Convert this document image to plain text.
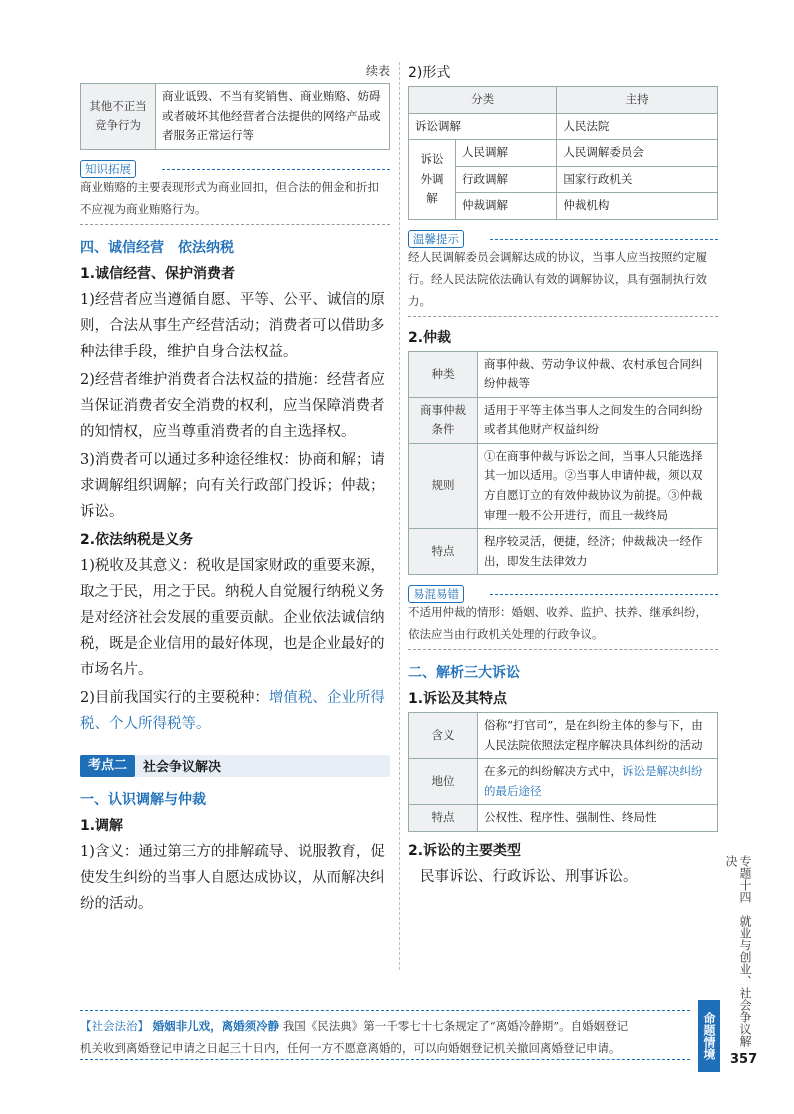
续表
其他不正当竞争行为	商业诋毁、不当有奖销售、商业贿赂、妨碍或者破坏其他经营者合法提供的网络产品或者服务正常运行等
知识拓展
商业贿赂的主要表现形式为商业回扣，但合法的佣金和折扣不应视为商业贿赂行为。
四、诚信经营　依法纳税
1.诚信经营、保护消费者

1)经营者应当遵循自愿、平等、公平、诚信的原则，合法从事生产经营活动；消费者可以借助多种法律手段，维护自身合法权益。

2)经营者维护消费者合法权益的措施：经营者应当保证消费者安全消费的权利，应当保障消费者的知情权，应当尊重消费者的自主选择权。

3)消费者可以通过多种途径维权：协商和解；请求调解组织调解；向有关行政部门投诉；仲裁；诉讼。

2.依法纳税是义务

1)税收及其意义：税收是国家财政的重要来源，取之于民，用之于民。纳税人自觉履行纳税义务是对经济社会发展的重要贡献。企业依法诚信纳税，既是企业信用的最好体现，也是企业最好的市场名片。

2)目前我国实行的主要税种：增值税、企业所得税、个人所得税等。

考点二	社会争议解决
一、认识调解与仲裁
1.调解

1)含义：通过第三方的排解疏导、说服教育，促使发生纠纷的当事人自愿达成协议，从而解决纠纷的活动。

2)形式
分类		主持
诉讼调解		人民法院
诉讼外调解	人民调解	人民调解委员会
	行政调解	国家行政机关
	仲裁调解	仲裁机构
温馨提示
经人民调解委员会调解达成的协议，当事人应当按照约定履行。经人民法院依法确认有效的调解协议，具有强制执行效力。
2.仲裁
种类	商事仲裁、劳动争议仲裁、农村承包合同纠纷仲裁等
商事仲裁条件	适用于平等主体当事人之间发生的合同纠纷或者其他财产权益纠纷
规则	①在商事仲裁与诉讼之间，当事人只能选择其一加以适用。②当事人申请仲裁，须以双方自愿订立的有效仲裁协议为前提。③仲裁审理一般不公开进行，而且一裁终局
特点	程序较灵活，便捷，经济；仲裁裁决一经作出，即发生法律效力
易混易错
不适用仲裁的情形：婚姻、收养、监护、扶养、继承纠纷，依法应当由行政机关处理的行政争议。
二、解析三大诉讼
1.诉讼及其特点
含义	俗称“打官司”，是在纠纷主体的参与下，由人民法院依照法定程序解决具体纠纷的活动
地位	在多元的纠纷解决方式中，诉讼是解决纠纷的最后途径
特点	公权性、程序性、强制性、终局性
2.诉讼的主要类型

民事诉讼、行政诉讼、刑事诉讼。	专题十四　就业与创业、社会争议解决
命题情境 357
【社会法治】 婚姻非儿戏，离婚须冷静 我国《民法典》第一千零七十七条规定了“离婚冷静期”。自婚姻登记
机关收到离婚登记申请之日起三十日内，任何一方不愿意离婚的，可以向婚姻登记机关撤回离婚登记申请。
